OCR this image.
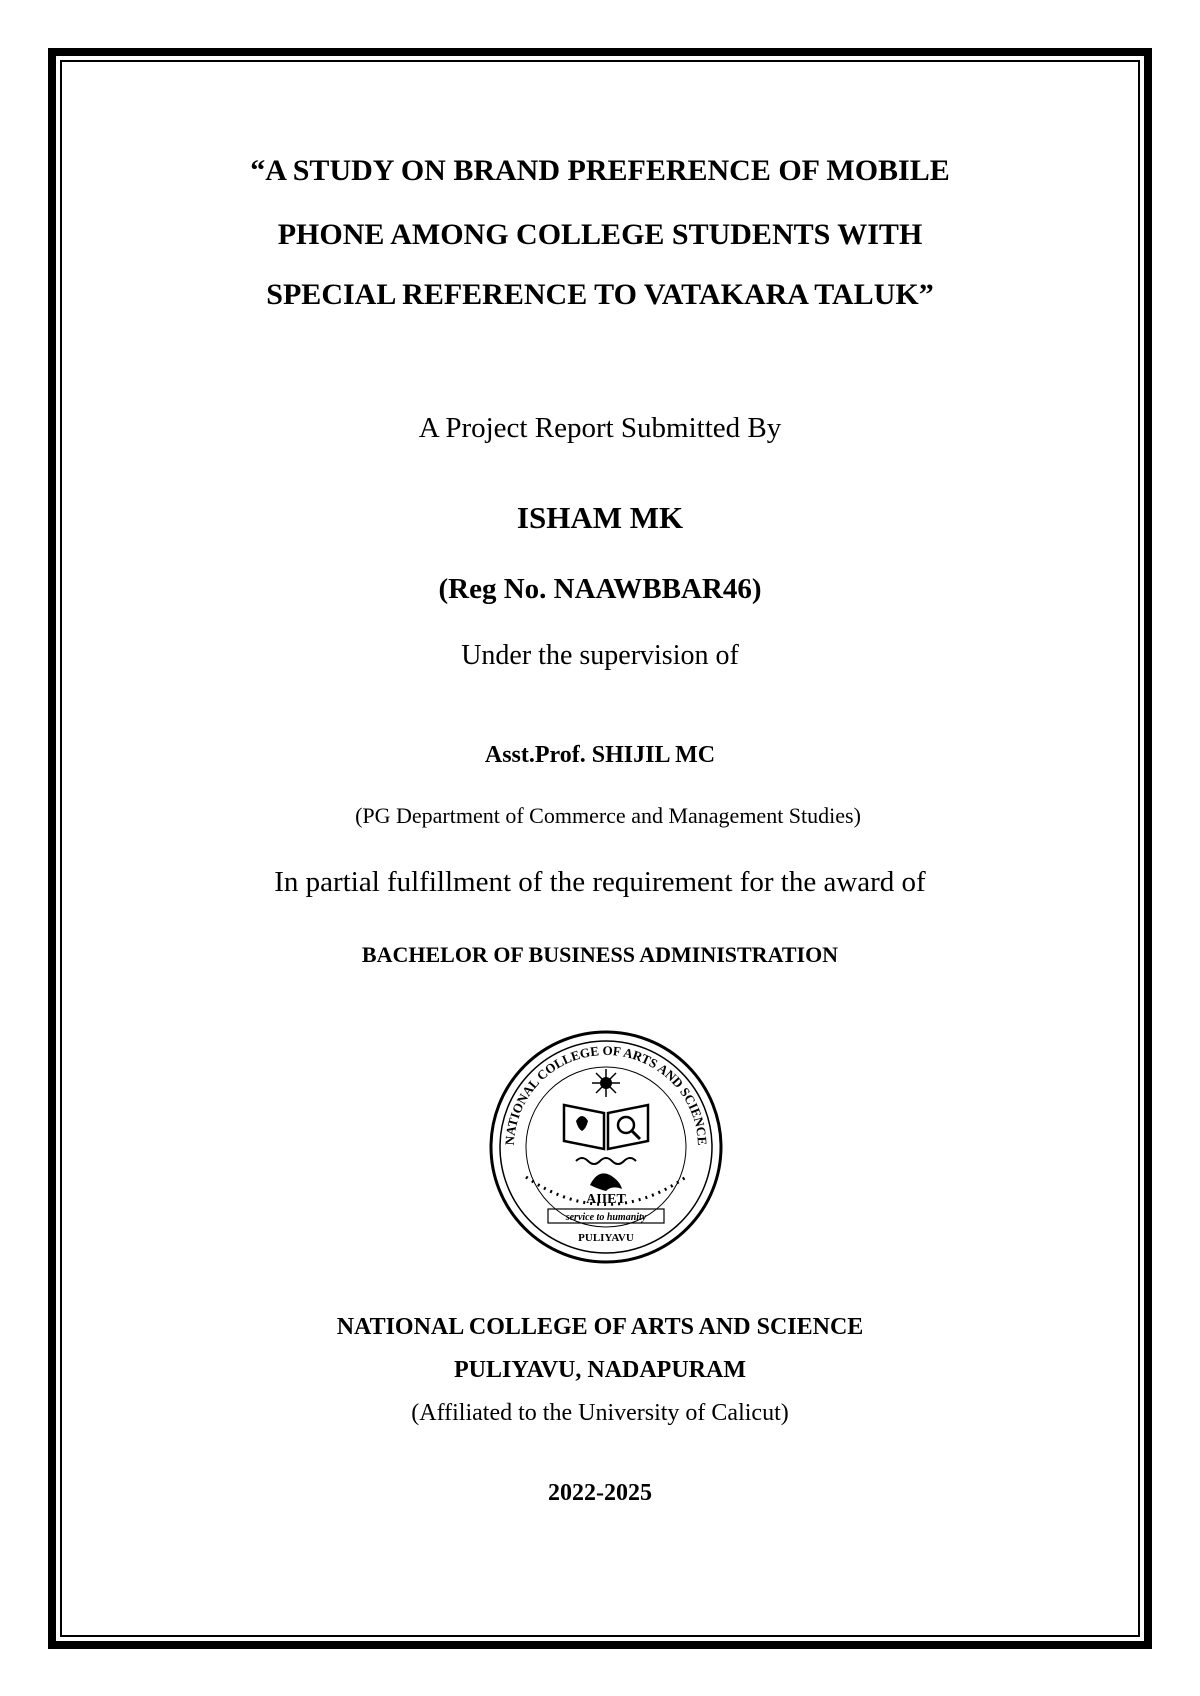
“A STUDY ON BRAND PREFERENCE OF MOBILE
PHONE AMONG COLLEGE STUDENTS WITH
SPECIAL REFERENCE TO VATAKARA TALUK”
A Project Report Submitted By
ISHAM MK
(Reg No. NAAWBBAR46)
Under the supervision of
Asst.Prof. SHIJIL MC
(PG Department of Commerce and Management Studies)
In partial fulfillment of the requirement for the award of
BACHELOR OF BUSINESS ADMINISTRATION
NATIONAL COLLEGE OF ARTS AND SCIENCE
AIIET
service to humanity
PULIYAVU
NATIONAL COLLEGE OF ARTS AND SCIENCE
PULIYAVU, NADAPURAM
(Affiliated to the University of Calicut)
2022-2025
